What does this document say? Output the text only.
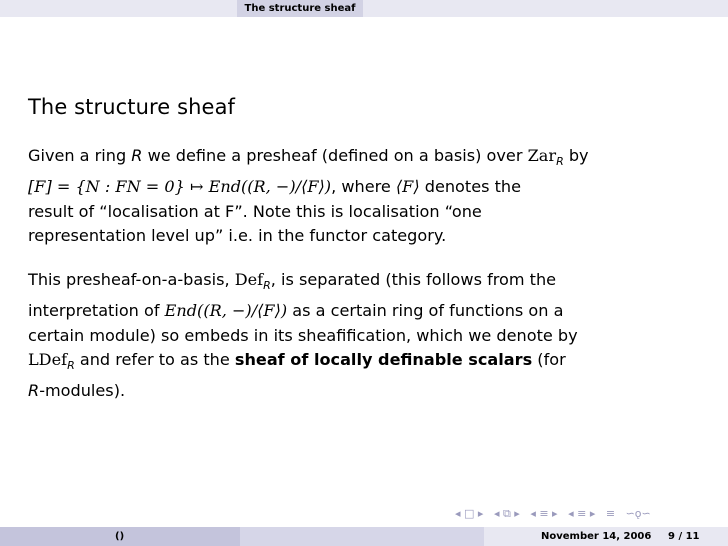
The structure sheaf
The structure sheaf
Given a ring R we define a presheaf (defined on a basis) over Zar$_R$ by
[F] = {N : FN = 0} ↦ End((R, −)/⟨F⟩), where ⟨F⟩ denotes the
result of “localisation at F”. Note this is localisation “one
representation level up” i.e. in the functor category.
This presheaf-on-a-basis, Def$_R$, is separated (this follows from the
interpretation of End((R, −)/⟨F⟩) as a certain ring of functions on a
certain module) so embeds in its sheafification, which we denote by
LDef$_R$ and refer to as the sheaf of locally definable scalars (for
R-modules).
◂ □ ▸ ◂ ⧉ ▸ ◂ ≡ ▸ ◂ ≡ ▸ ≡ ∽ǫ∽
()	November 14, 2006 9 / 11
